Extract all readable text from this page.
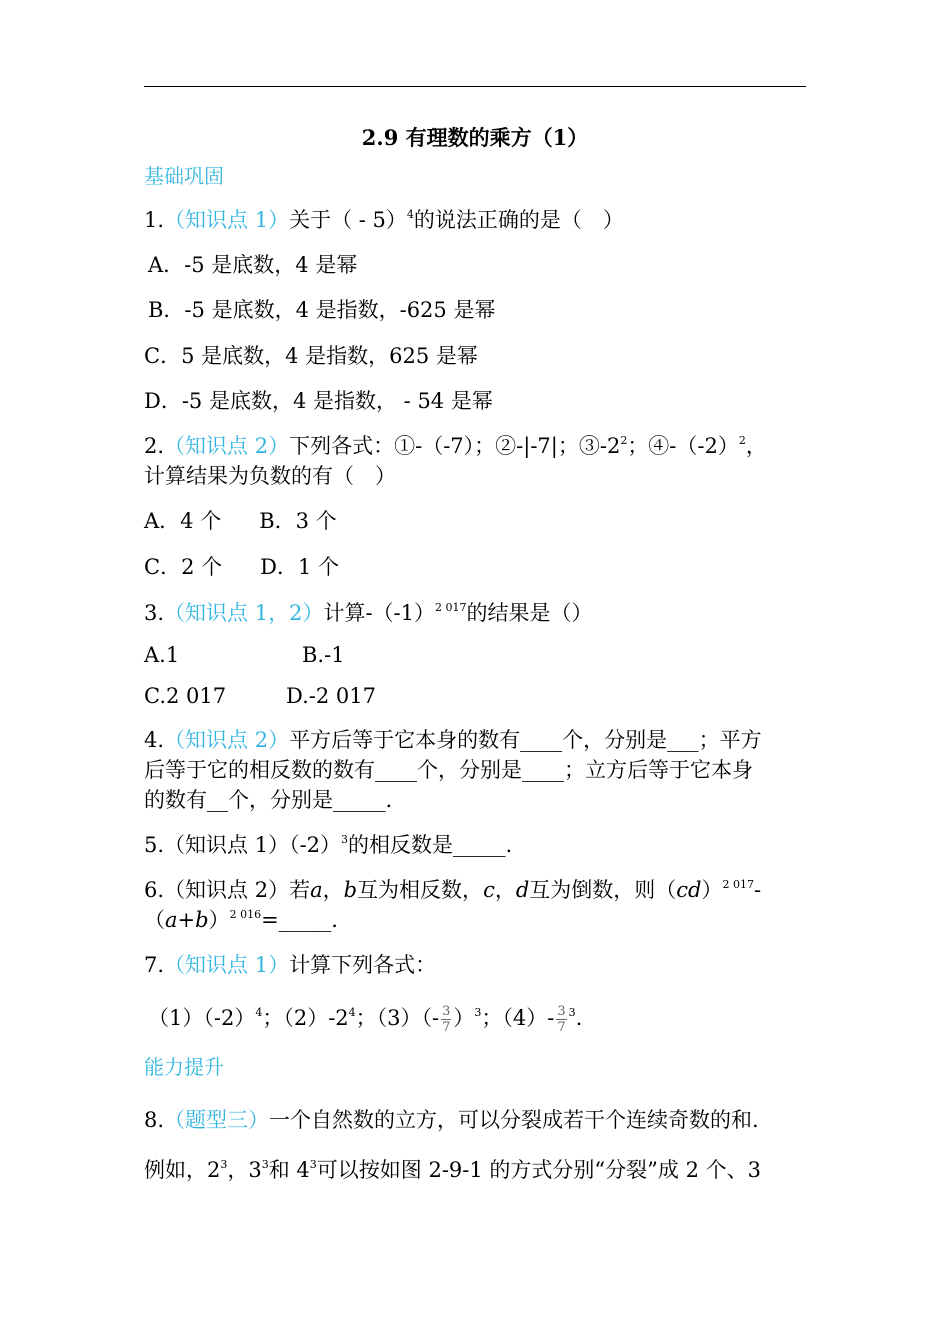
2.9 有理数的乘方（1）
基础巩固
1.（知识点 1）关于（ - 5）$^4$的说法正确的是（　）
A．-5 是底数，4 是幂
B．-5 是底数，4 是指数，-625 是幂
C．5 是底数，4 是指数，625 是幂
D．-5 是底数，4 是指数， - 54 是幂
2.（知识点 2）下列各式：①-（-7）；②-|-7|；$③-2^2$；$④-(-2)^2$，
计算结果为负数的有（　）
A．4 个 B．3 个
C．2 个 D．1 个
3.（知识点 1，2）计算$-(-1)^{2 017}$的结果是（）
A.1	B.-1
C.2 017	D.-2 017
4.（知识点 2）平方后等于它本身的数有____个，分别是___；平方
后等于它的相反数的数有____个，分别是____；立方后等于它本身
的数有__个，分别是_____.
5.（知识点 $1)(-2)^3$的相反数是_____.
6.（知识点 2）若a，b互为相反数，c，d互为倒数，则（cd）$^{2 017}$-
$(a+b)^{2 016}=\_\_\_\_\_$.
7.（知识点 1）计算下列各式：
$(1)(-2)^4$；$(2)-2^4$；$(3)(- \frac{3}{7} )^3$；$(4)- \frac{3}{7} ^3$.
能力提升
8.（题型三）一个自然数的立方，可以分裂成若干个连续奇数的和.
例如，$2^3$，$3^3$和 $4^3$可以按如图 2-9-1 的方式分别“分裂”成 2 个、3
